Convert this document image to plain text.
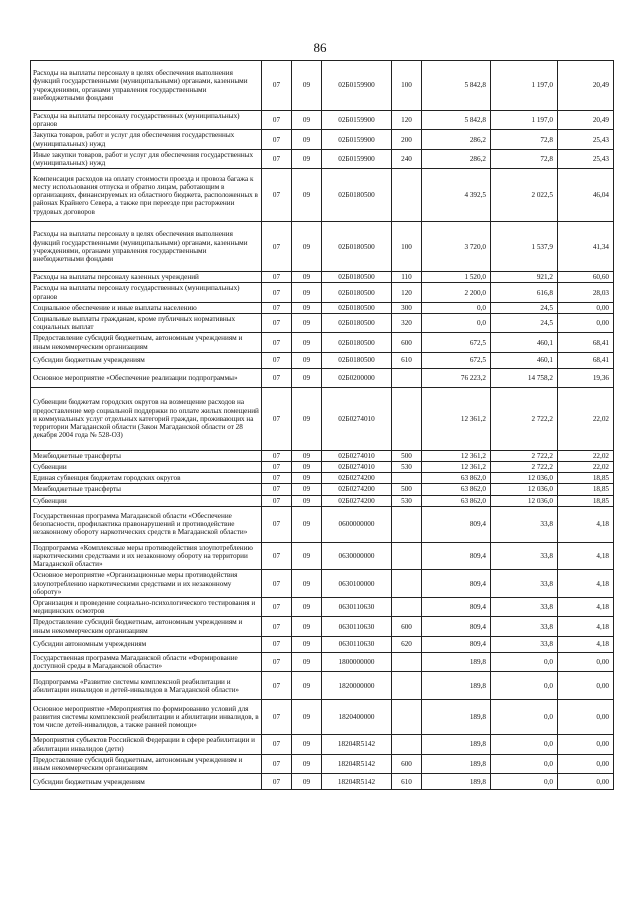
86
Расходы на выплаты персоналу в целях обеспечения выполнения функций государственными (муниципальными) органами, казенными учреждениями, органами управления государственными внебюджетными фондами	07	09	02Б0159900	100	5 842,8	1 197,0	20,49
Расходы на выплаты персоналу государственных (муниципальных) органов	07	09	02Б0159900	120	5 842,8	1 197,0	20,49
Закупка товаров, работ и услуг для обеспечения государственных (муниципальных) нужд	07	09	02Б0159900	200	286,2	72,8	25,43
Иные закупки товаров, работ и услуг для обеспечения государственных (муниципальных) нужд	07	09	02Б0159900	240	286,2	72,8	25,43
Компенсация расходов на оплату стоимости проезда и провоза багажа к месту использования отпуска и обратно лицам, работающим в организациях, финансируемых из областного бюджета, расположенных в районах Крайнего Севера, а также при переезде при расторжении трудовых договоров	07	09	02Б0180500		4 392,5	2 022,5	46,04
Расходы на выплаты персоналу в целях обеспечения выполнения функций государственными (муниципальными) органами, казенными учреждениями, органами управления государственными внебюджетными фондами	07	09	02Б0180500	100	3 720,0	1 537,9	41,34
Расходы на выплаты персоналу казенных учреждений	07	09	02Б0180500	110	1 520,0	921,2	60,60
Расходы на выплаты персоналу государственных (муниципальных) органов	07	09	02Б0180500	120	2 200,0	616,8	28,03
Социальное обеспечение и иные выплаты населению	07	09	02Б0180500	300	0,0	24,5	0,00
Социальные выплаты гражданам, кроме публичных нормативных социальных выплат	07	09	02Б0180500	320	0,0	24,5	0,00
Предоставление субсидий бюджетным, автономным учреждениям и иным некоммерческим организациям	07	09	02Б0180500	600	672,5	460,1	68,41
Субсидии бюджетным учреждениям	07	09	02Б0180500	610	672,5	460,1	68,41
Основное мероприятие «Обеспечение реализации подпрограммы»	07	09	02Б0200000		76 223,2	14 758,2	19,36
Субвенции бюджетам городских округов на возмещение расходов на предоставление мер социальной поддержки по оплате жилых помещений и коммунальных услуг отдельных категорий граждан, проживающих на территории Магаданской области (Закон Магаданской области от 28 декабря 2004 года № 528-ОЗ)	07	09	02Б0274010		12 361,2	2 722,2	22,02
Межбюджетные трансферты	07	09	02Б0274010	500	12 361,2	2 722,2	22,02
Субвенции	07	09	02Б0274010	530	12 361,2	2 722,2	22,02
Единая субвенция бюджетам городских округов	07	09	02Б0274200		63 862,0	12 036,0	18,85
Межбюджетные трансферты	07	09	02Б0274200	500	63 862,0	12 036,0	18,85
Субвенции	07	09	02Б0274200	530	63 862,0	12 036,0	18,85
Государственная программа Магаданской области «Обеспечение безопасности, профилактика правонарушений и противодействие незаконному обороту наркотических средств в Магаданской области»	07	09	0600000000		809,4	33,8	4,18
Подпрограмма «Комплексные меры противодействия злоупотреблению наркотическими средствами и их незаконному обороту на территории Магаданской области»	07	09	0630000000		809,4	33,8	4,18
Основное мероприятие «Организационные меры противодействия злоупотреблению наркотическими средствами и их незаконному обороту»	07	09	0630100000		809,4	33,8	4,18
Организация и проведение социально-психологического тестирования и медицинских осмотров	07	09	0630110630		809,4	33,8	4,18
Предоставление субсидий бюджетным, автономным учреждениям и иным некоммерческим организациям	07	09	0630110630	600	809,4	33,8	4,18
Субсидии автономным учреждениям	07	09	0630110630	620	809,4	33,8	4,18
Государственная программа Магаданской области «Формирование доступной среды в Магаданской области»	07	09	1800000000		189,8	0,0	0,00
Подпрограмма «Развитие системы комплексной реабилитации и абилитации инвалидов и детей-инвалидов в Магаданской области»	07	09	1820000000		189,8	0,0	0,00
Основное мероприятие «Мероприятия по формированию условий для развития системы комплексной реабилитации и абилитации инвалидов, в том числе детей-инвалидов, а также ранней помощи»	07	09	1820400000		189,8	0,0	0,00
Мероприятия субъектов Российской Федерации в сфере реабилитации и абилитации инвалидов (дети)	07	09	18204R5142		189,8	0,0	0,00
Предоставление субсидий бюджетным, автономным учреждениям и иным некоммерческим организациям	07	09	18204R5142	600	189,8	0,0	0,00
Субсидии бюджетным учреждениям	07	09	18204R5142	610	189,8	0,0	0,00
